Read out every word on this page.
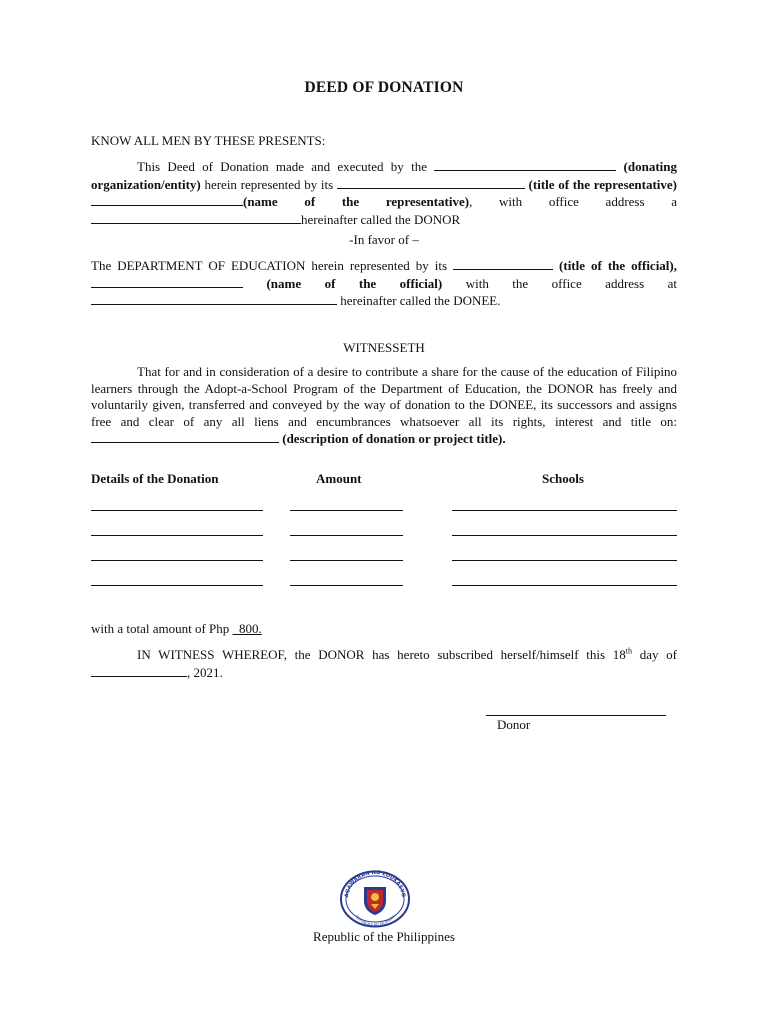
DEED OF DONATION
KNOW ALL MEN BY THESE PRESENTS:
This Deed of Donation made and executed by the	(donating organization/entity) herein represented by its	(title of the representative) (name of the representative), with office address a hereinafter called the DONOR
-In favor of –
The DEPARTMENT OF EDUCATION herein represented by its	(title of the official),  (name of the official) with the office address at  hereinafter called the DONEE.
WITNESSETH
That for and in consideration of a desire to contribute a share for the cause of the education of Filipino learners through the Adopt-a-School Program of the Department of Education, the DONOR has freely and voluntarily given, transferred and conveyed by the way of donation to the DONEE, its successors and assigns free and clear of any all liens and encumbrances whatsoever all its rights, interest and title on: (description of donation or project title).
Details of the Donation	Amount	Schools
with a total amount of Php 800.
IN WITNESS WHEREOF, the DONOR has hereto subscribed herself/himself this 18th day of , 2021.
Donor
AGAWARAN NG EDUKASYO
REPUBLIKA NG PILIPINAS
Republic of the Philippines
